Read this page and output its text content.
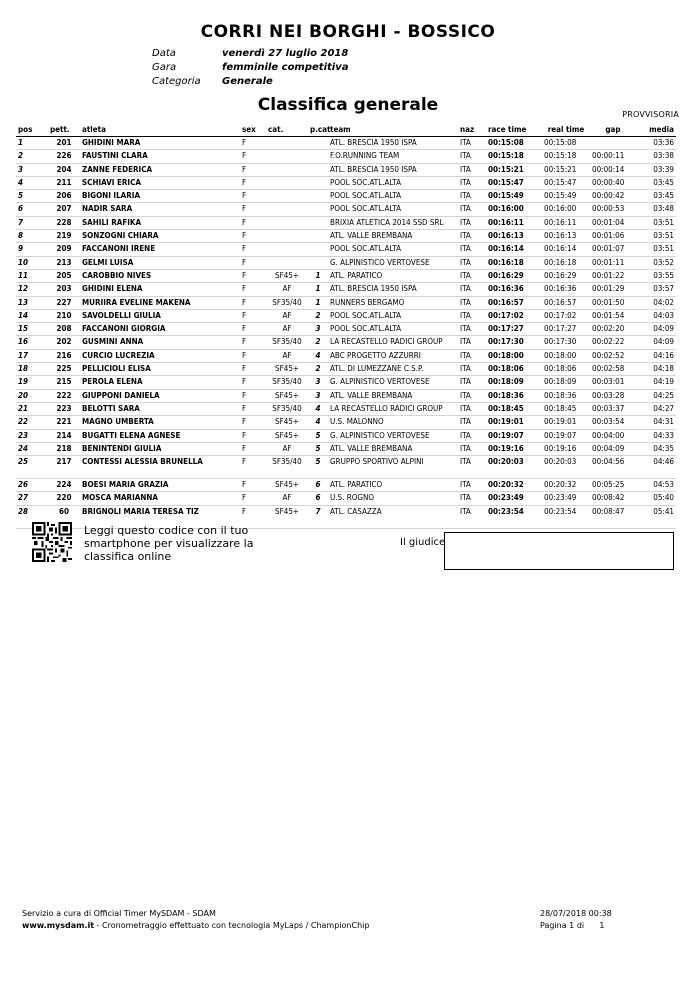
CORRI NEI BORGHI - BOSSICO
Data	venerdì 27 luglio 2018
Gara	femminile competitiva
Categoria	Generale
Classifica generale	PROVVISORIA
pos	pett.	atleta	sex	cat.	p.cat	team	naz	race time	real time	gap	media
1	201	GHIDINI MARA	F			ATL. BRESCIA 1950 ISPA	ITA	00:15:08	00:15:08		03:36
2	226	FAUSTINI CLARA	F			F.O.RUNNING TEAM	ITA	00:15:18	00:15:18	00:00:11	03:38
3	204	ZANNE FEDERICA	F			ATL. BRESCIA 1950 ISPA	ITA	00:15:21	00:15:21	00:00:14	03:39
4	211	SCHIAVI ERICA	F			POOL SOC.ATL.ALTA	ITA	00:15:47	00:15:47	00:00:40	03:45
5	206	BIGONI ILARIA	F			POOL SOC.ATL.ALTA	ITA	00:15:49	00:15:49	00:00:42	03:45
6	207	NADIR SARA	F			POOL SOC.ATL.ALTA	ITA	00:16:00	00:16:00	00:00:53	03:48
7	228	SAHILI RAFIKA	F			BRIXIA ATLETICA 2014 SSD SRL	ITA	00:16:11	00:16:11	00:01:04	03:51
8	219	SONZOGNI CHIARA	F			ATL. VALLE BREMBANA	ITA	00:16:13	00:16:13	00:01:06	03:51
9	209	FACCANONI IRENE	F			POOL SOC.ATL.ALTA	ITA	00:16:14	00:16:14	00:01:07	03:51
10	213	GELMI LUISA	F			G. ALPINISTICO VERTOVESE	ITA	00:16:18	00:16:18	00:01:11	03:52
11	205	CAROBBIO NIVES	F	SF45+	1	ATL. PARATICO	ITA	00:16:29	00:16:29	00:01:22	03:55
12	203	GHIDINI ELENA	F	AF	1	ATL. BRESCIA 1950 ISPA	ITA	00:16:36	00:16:36	00:01:29	03:57
13	227	MURIIRA EVELINE MAKENA	F	SF35/40	1	RUNNERS BERGAMO	ITA	00:16:57	00:16:57	00:01:50	04:02
14	210	SAVOLDELLI GIULIA	F	AF	2	POOL SOC.ATL.ALTA	ITA	00:17:02	00:17:02	00:01:54	04:03
15	208	FACCANONI GIORGIA	F	AF	3	POOL SOC.ATL.ALTA	ITA	00:17:27	00:17:27	00:02:20	04:09
16	202	GUSMINI ANNA	F	SF35/40	2	LA RECASTELLO RADICI GROUP	ITA	00:17:30	00:17:30	00:02:22	04:09
17	216	CURCIO LUCREZIA	F	AF	4	ABC PROGETTO AZZURRI	ITA	00:18:00	00:18:00	00:02:52	04:16
18	225	PELLICIOLI ELISA	F	SF45+	2	ATL. DI LUMEZZANE C.S.P.	ITA	00:18:06	00:18:06	00:02:58	04:18
19	215	PEROLA ELENA	F	SF35/40	3	G. ALPINISTICO VERTOVESE	ITA	00:18:09	00:18:09	00:03:01	04:19
20	222	GIUPPONI DANIELA	F	SF45+	3	ATL. VALLE BREMBANA	ITA	00:18:36	00:18:36	00:03:28	04:25
21	223	BELOTTI SARA	F	SF35/40	4	LA RECASTELLO RADICI GROUP	ITA	00:18:45	00:18:45	00:03:37	04:27
22	221	MAGNO UMBERTA	F	SF45+	4	U.S. MALONNO	ITA	00:19:01	00:19:01	00:03:54	04:31
23	214	BUGATTI ELENA AGNESE	F	SF45+	5	G. ALPINISTICO VERTOVESE	ITA	00:19:07	00:19:07	00:04:00	04:33
24	218	BENINTENDI GIULIA	F	AF	5	ATL. VALLE BREMBANA	ITA	00:19:16	00:19:16	00:04:09	04:35
25	217	CONTESSI ALESSIA BRUNELLA	F	SF35/40	5	GRUPPO SPORTIVO ALPINI	ITA	00:20:03	00:20:03	00:04:56	04:46
26	224	BOESI MARIA GRAZIA	F	SF45+	6	ATL. PARATICO	ITA	00:20:32	00:20:32	00:05:25	04:53
27	220	MOSCA MARIANNA	F	AF	6	U.S. ROGNO	ITA	00:23:49	00:23:49	00:08:42	05:40
28	60	BRIGNOLI MARIA TERESA TIZ	F	SF45+	7	ATL. CASAZZA	ITA	00:23:54	00:23:54	00:08:47	05:41
Leggi questo codice con il tuo smartphone per visualizzare la classifica online
Il giudice
Servizio a cura di Official Timer MySDAM - SDAM
www.mysdam.it - Cronometraggio effettuato con tecnologia MyLaps / ChampionChip
28/07/2018 00:38
Pagina 1 di      1
